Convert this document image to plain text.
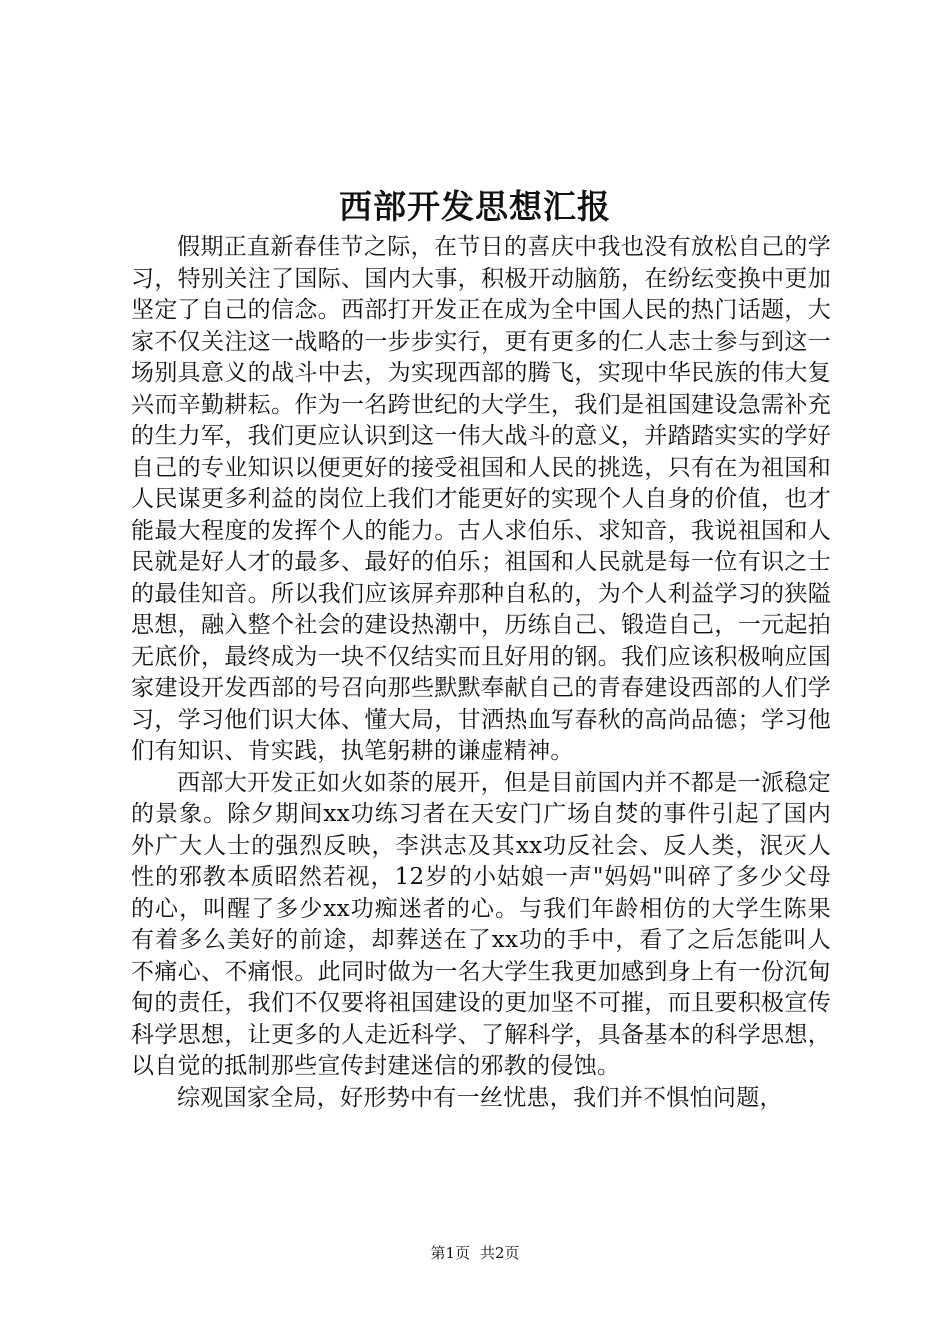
西部开发思想汇报

假期正直新春佳节之际，在节日的喜庆中我也没有放松自己的学习，特别关注了国际、国内大事，积极开动脑筋，在纷纭变换中更加坚定了自己的信念。西部打开发正在成为全中国人民的热门话题，大家不仅关注这一战略的一步步实行，更有更多的仁人志士参与到这一场别具意义的战斗中去，为实现西部的腾飞，实现中华民族的伟大复兴而辛勤耕耘。作为一名跨世纪的大学生，我们是祖国建设急需补充的生力军，我们更应认识到这一伟大战斗的意义，并踏踏实实的学好自己的专业知识以便更好的接受祖国和人民的挑选，只有在为祖国和人民谋更多利益的岗位上我们才能更好的实现个人自身的价值，也才能最大程度的发挥个人的能力。古人求伯乐、求知音，我说祖国和人民就是好人才的最多、最好的伯乐；祖国和人民就是每一位有识之士的最佳知音。所以我们应该屏弃那种自私的，为个人利益学习的狭隘思想，融入整个社会的建设热潮中，历练自己、锻造自己，一元起拍无底价，最终成为一块不仅结实而且好用的钢。我们应该积极响应国家建设开发西部的号召向那些默默奉献自己的青春建设西部的人们学习，学习他们识大体、懂大局，甘洒热血写春秋的高尚品德；学习他们有知识、肯实践，执笔躬耕的谦虚精神。

西部大开发正如火如荼的展开，但是目前国内并不都是一派稳定的景象。除夕期间xx功练习者在天安门广场自焚的事件引起了国内外广大人士的强烈反映，李洪志及其xx功反社会、反人类，泯灭人性的邪教本质昭然若视，12岁的小姑娘一声"妈妈"叫碎了多少父母的心，叫醒了多少xx功痴迷者的心。与我们年龄相仿的大学生陈果有着多么美好的前途，却葬送在了xx功的手中，看了之后怎能叫人不痛心、不痛恨。此同时做为一名大学生我更加感到身上有一份沉甸甸的责任，我们不仅要将祖国建设的更加坚不可摧，而且要积极宣传科学思想，让更多的人走近科学、了解科学，具备基本的科学思想，以自觉的抵制那些宣传封建迷信的邪教的侵蚀。

综观国家全局，好形势中有一丝忧患，我们并不惧怕问题，

第1页 共2页
